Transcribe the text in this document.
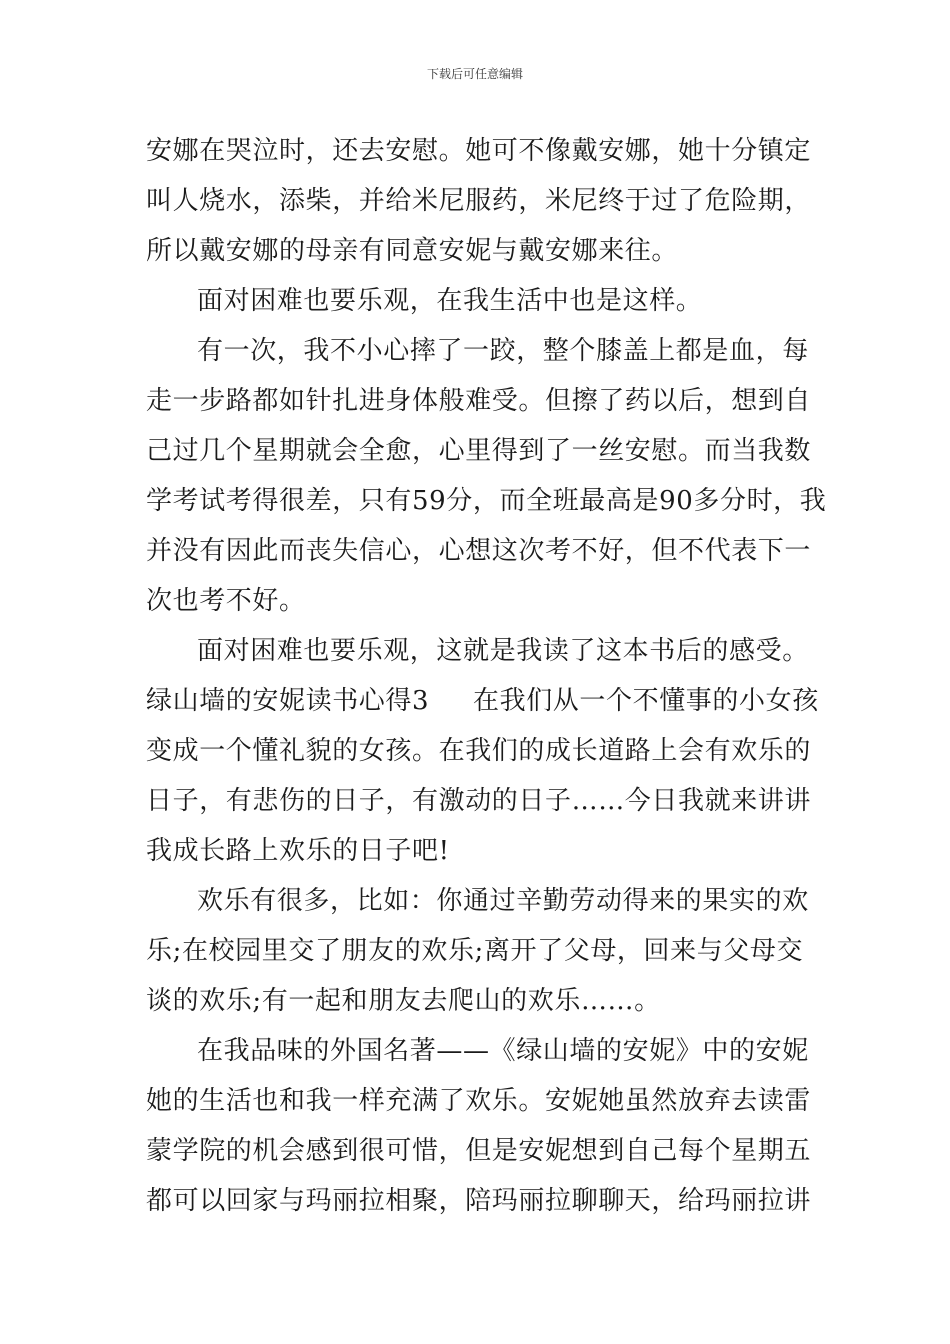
下载后可任意编辑
安娜在哭泣时，还去安慰。她可不像戴安娜，她十分镇定
叫人烧水，添柴，并给米尼服药，米尼终于过了危险期，
所以戴安娜的母亲有同意安妮与戴安娜来往。
面对困难也要乐观，在我生活中也是这样。
有一次，我不小心摔了一跤，整个膝盖上都是血，每
走一步路都如针扎进身体般难受。但擦了药以后，想到自
己过几个星期就会全愈，心里得到了一丝安慰。而当我数
学考试考得很差，只有59分，而全班最高是90多分时，我
并没有因此而丧失信心，心想这次考不好，但不代表下一
次也考不好。
面对困难也要乐观，这就是我读了这本书后的感受。
绿山墙的安妮读书心得3 在我们从一个不懂事的小女孩
变成一个懂礼貌的女孩。在我们的成长道路上会有欢乐的
日子，有悲伤的日子，有激动的日子……今日我就来讲讲
我成长路上欢乐的日子吧!
欢乐有很多，比如：你通过辛勤劳动得来的果实的欢
乐;在校园里交了朋友的欢乐;离开了父母，回来与父母交
谈的欢乐;有一起和朋友去爬山的欢乐……。
在我品味的外国名著——《绿山墙的安妮》中的安妮
她的生活也和我一样充满了欢乐。安妮她虽然放弃去读雷
蒙学院的机会感到很可惜，但是安妮想到自己每个星期五
都可以回家与玛丽拉相聚，陪玛丽拉聊聊天，给玛丽拉讲
